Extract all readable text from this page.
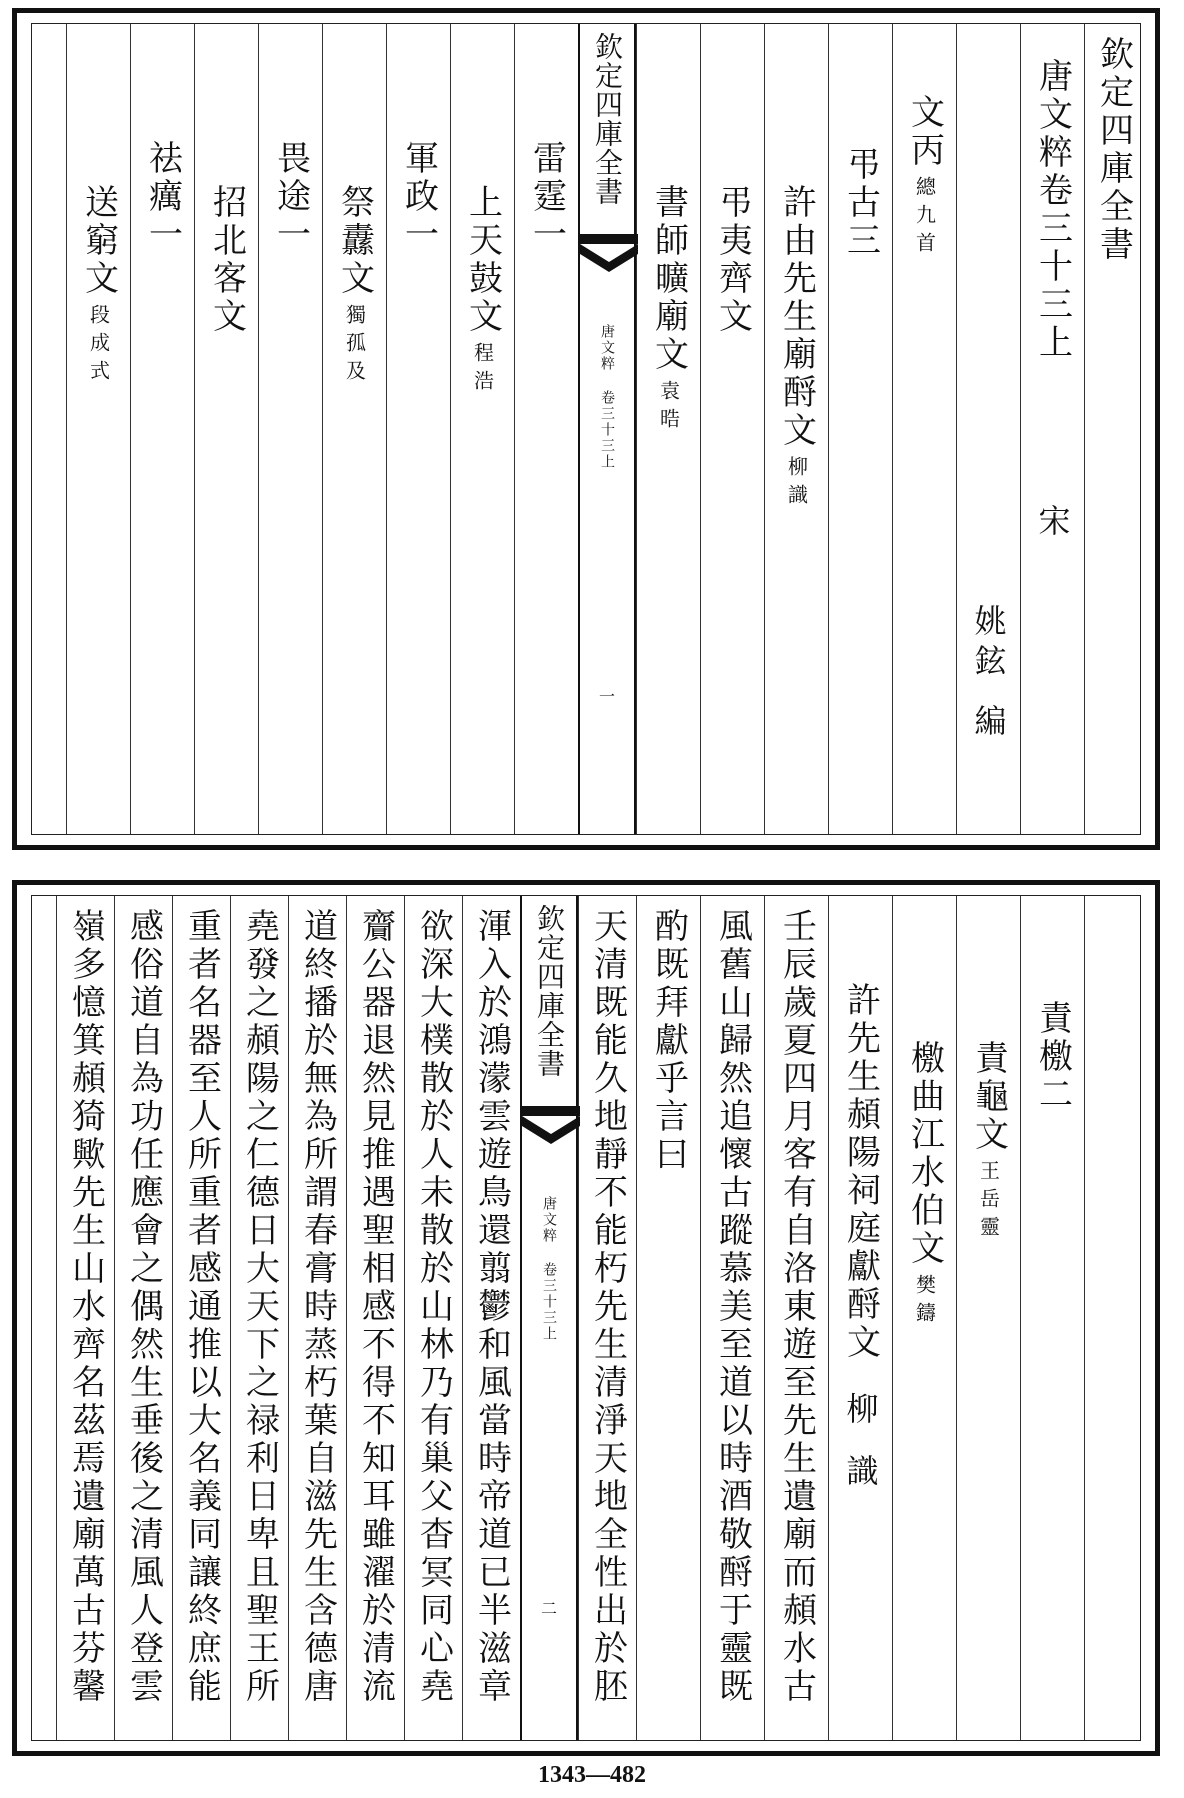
欽定四庫全書
唐文粹卷三十三上
宋
姚鉉
編
文丙總九首
弔古三
許由先生廟酹文柳識
弔夷齊文
書師曠廟文袁晧
欽定四庫全書
唐文粹 卷三十三上
一
雷霆一
上天鼓文程浩
軍政一
祭纛文獨孤及
畏途一
招北客文
祛癘一
送窮文段成式
責檄二
責龜文王岳靈
檄曲江水伯文樊鑄
許先生頳陽祠庭獻酹文柳識
壬辰歲夏四月客有自洛東遊至先生遺廟而頳水古
風舊山歸然追懷古蹤慕美至道以時酒敬酹于靈既
酌既拜獻乎言曰
天清既能久地靜不能朽先生清淨天地全性出於胚
欽定四庫全書
唐文粹 卷三十三上
二
渾入於鴻濛雲遊鳥還翦鬱和風當時帝道已半滋章
欲深大樸散於人未散於山林乃有巢父杳冥同心堯
齎公器退然見推遇聖相感不得不知耳雖濯於清流
道終播於無為所謂春膏時蒸朽葉自滋先生含德唐
堯發之頳陽之仁德日大天下之禄利日卑且聖王所
重者名器至人所重者感通推以大名義同讓終庶能
感俗道自為功任應會之偶然生垂後之清風人登雲
嶺多憶箕頳猗歟先生山水齊名茲焉遺廟萬古芬馨
1343—482
